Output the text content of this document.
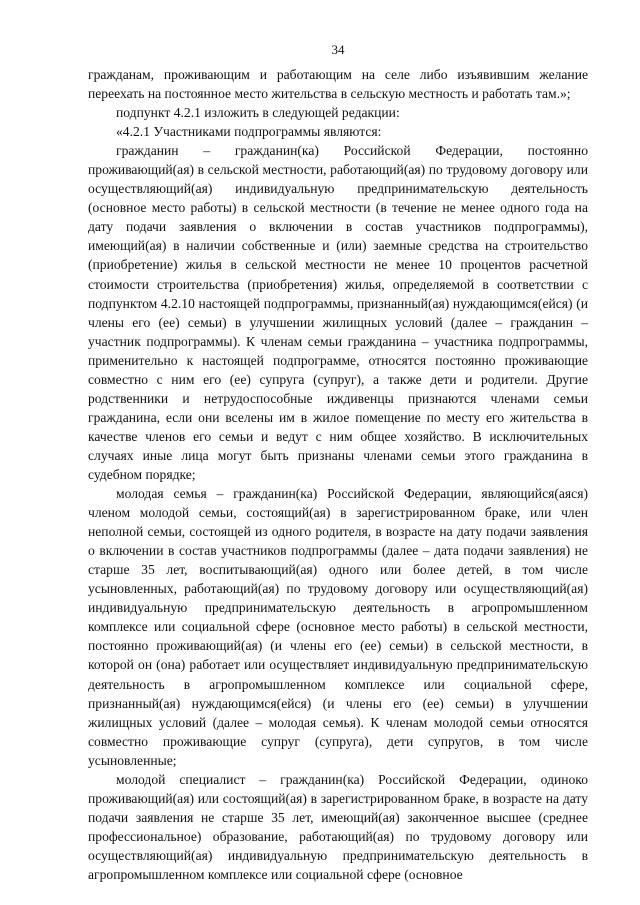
34

гражданам, проживающим и работающим на селе либо изъявившим желание переехать на постоянное место жительства в сельскую местность и работать там.»;

подпункт 4.2.1 изложить в следующей редакции:

«4.2.1 Участниками подпрограммы являются:

гражданин – гражданин(ка) Российской Федерации, постоянно проживающий(ая) в сельской местности, работающий(ая) по трудовому договору или осуществляющий(ая) индивидуальную предпринимательскую деятельность (основное место работы) в сельской местности (в течение не менее одного года на дату подачи заявления о включении в состав участников подпрограммы), имеющий(ая) в наличии собственные и (или) заемные средства на строительство (приобретение) жилья в сельской местности не менее 10 процентов расчетной стоимости строительства (приобретения) жилья, определяемой в соответствии с подпунктом 4.2.10 настоящей подпрограммы, признанный(ая) нуждающимся(ейся) (и члены его (ее) семьи) в улучшении жилищных условий (далее – гражданин – участник подпрограммы). К членам семьи гражданина – участника подпрограммы, применительно к настоящей подпрограмме, относятся постоянно проживающие совместно с ним его (ее) супруга (супруг), а также дети и родители. Другие родственники и нетрудоспособные иждивенцы признаются членами семьи гражданина, если они вселены им в жилое помещение по месту его жительства в качестве членов его семьи и ведут с ним общее хозяйство. В исключительных случаях иные лица могут быть признаны членами семьи этого гражданина в судебном порядке;

молодая семья – гражданин(ка) Российской Федерации, являющийся(аяся) членом молодой семьи, состоящий(ая) в зарегистрированном браке, или член неполной семьи, состоящей из одного родителя, в возрасте на дату подачи заявления о включении в состав участников подпрограммы (далее – дата подачи заявления) не старше 35 лет, воспитывающий(ая) одного или более детей, в том числе усыновленных, работающий(ая) по трудовому договору или осуществляющий(ая) индивидуальную предпринимательскую деятельность в агропромышленном комплексе или социальной сфере (основное место работы) в сельской местности, постоянно проживающий(ая) (и члены его (ее) семьи) в сельской местности, в которой он (она) работает или осуществляет индивидуальную предпринимательскую деятельность в агропромышленном комплексе или социальной сфере, признанный(ая) нуждающимся(ейся) (и члены его (ее) семьи) в улучшении жилищных условий (далее – молодая семья). К членам молодой семьи относятся совместно проживающие супруг (супруга), дети супругов, в том числе усыновленные;

молодой специалист – гражданин(ка) Российской Федерации, одиноко проживающий(ая) или состоящий(ая) в зарегистрированном браке, в возрасте на дату подачи заявления не старше 35 лет, имеющий(ая) законченное высшее (среднее профессиональное) образование, работающий(ая) по трудовому договору или осуществляющий(ая) индивидуальную предпринимательскую деятельность в агропромышленном комплексе или социальной сфере (основное
